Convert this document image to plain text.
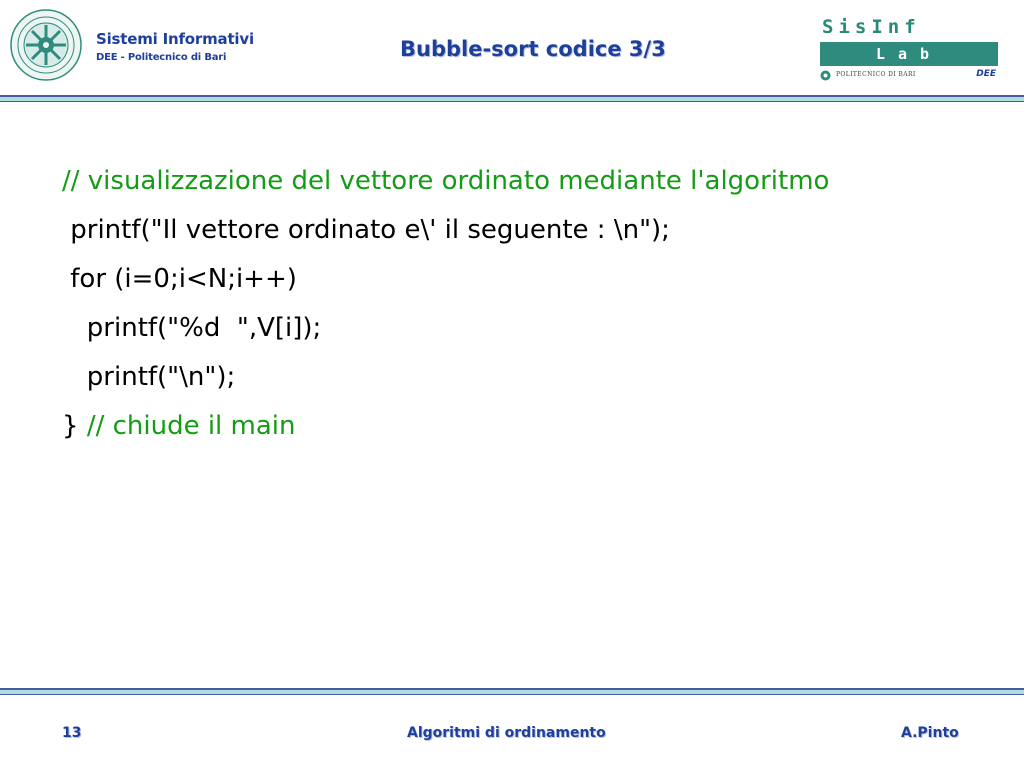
Sistemi Informativi
DEE - Politecnico di Bari	Bubble-sort codice 3/3
SisInf
Lab
POLITECNICO DI BARI	DEE
// visualizzazione del vettore ordinato mediante l'algoritmo
printf("Il vettore ordinato e\' il seguente : \n");
for (i=0;i<N;i++)
printf("%d  ",V[i]);
printf("\n");
} // chiude il main
13	Algoritmi di ordinamento	A.Pinto
